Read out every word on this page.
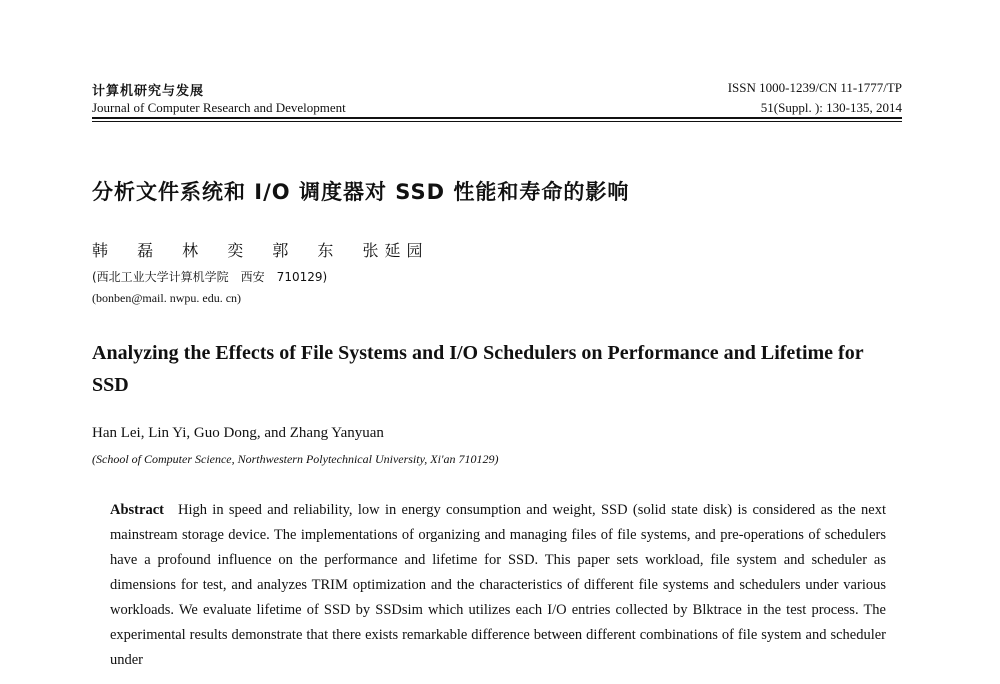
计算机研究与发展
Journal of Computer Research and Development
ISSN 1000-1239/CN 11-1777/TP
51(Suppl. ): 130-135, 2014
分析文件系统和 I/O 调度器对 SSD 性能和寿命的影响
韩 磊 林 奕 郭 东 张延园
(西北工业大学计算机学院　西安　710129)
(bonben@mail. nwpu. edu. cn)
Analyzing the Effects of File Systems and I/O Schedulers on Performance and Lifetime for SSD
Han Lei, Lin Yi, Guo Dong, and Zhang Yanyuan
(School of Computer Science, Northwestern Polytechnical University, Xi'an 710129)
Abstract High in speed and reliability, low in energy consumption and weight, SSD (solid state disk) is considered as the next mainstream storage device. The implementations of organizing and managing files of file systems, and pre-operations of schedulers have a profound influence on the performance and lifetime for SSD. This paper sets workload, file system and scheduler as dimensions for test, and analyzes TRIM optimization and the characteristics of different file systems and schedulers under various workloads. We evaluate lifetime of SSD by SSDsim which utilizes each I/O entries collected by Blktrace in the test process. The experimental results demonstrate that there exists remarkable difference between different combinations of file system and scheduler under
